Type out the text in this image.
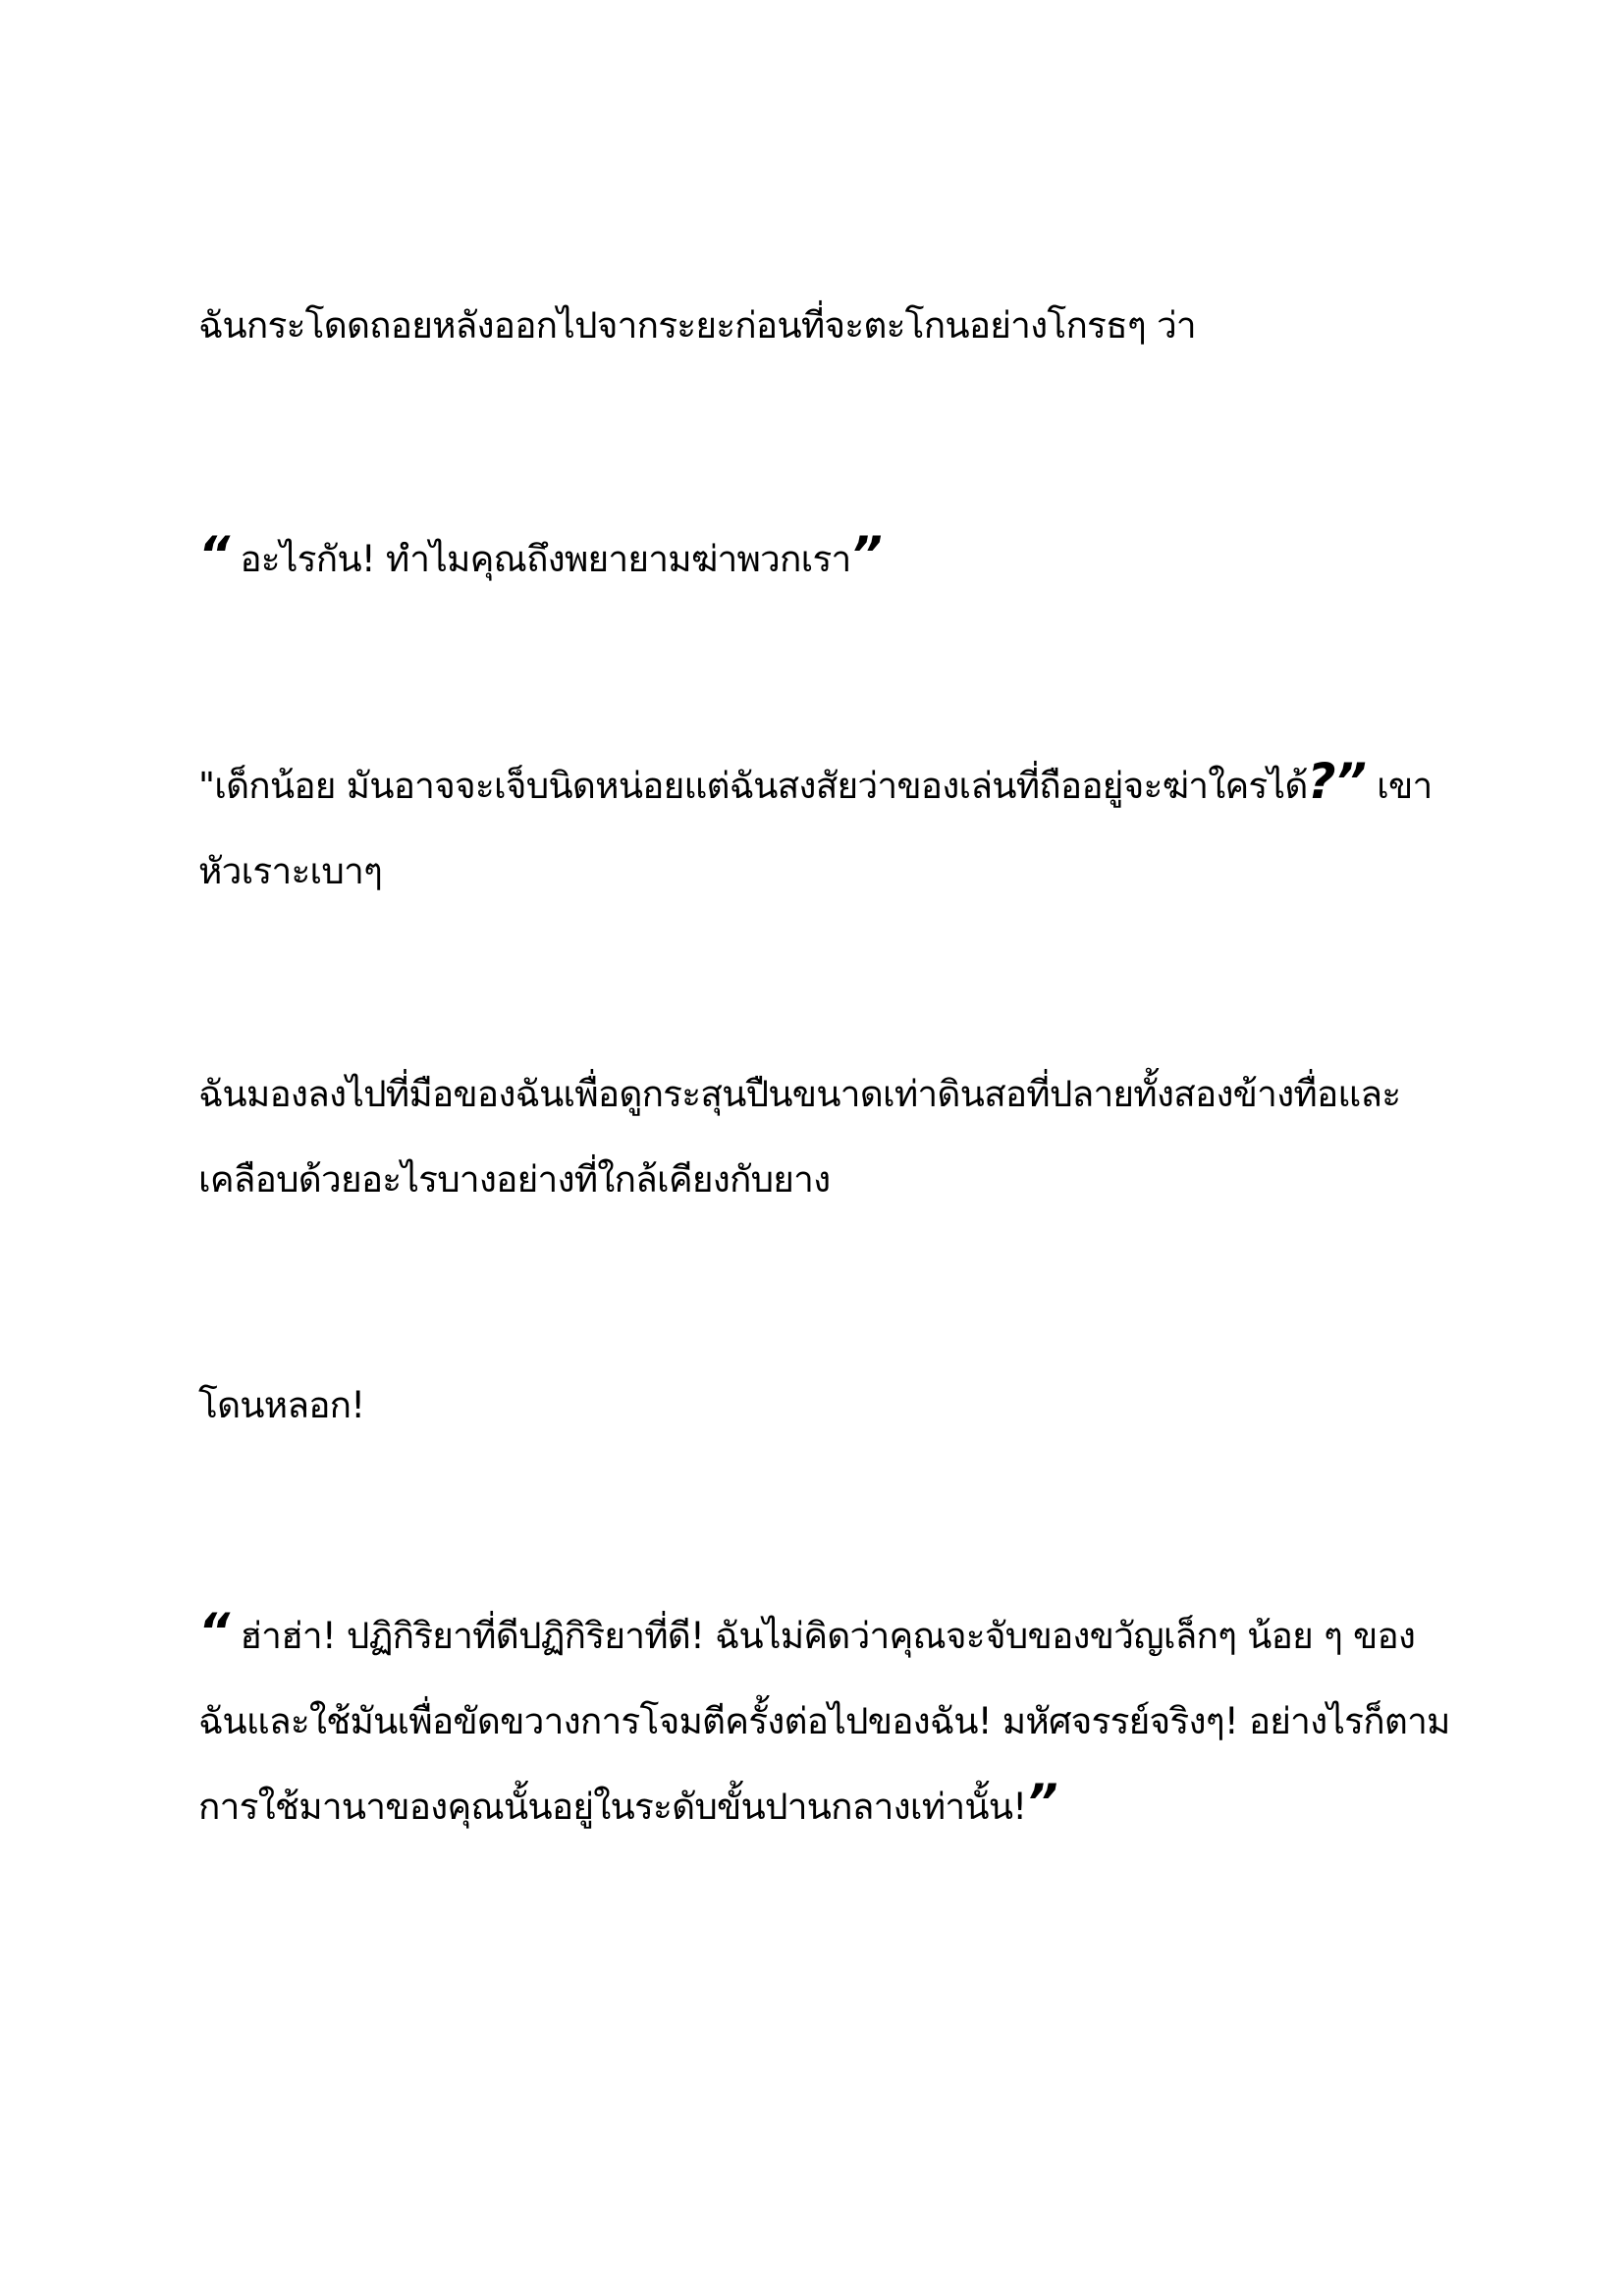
ฉันกระโดดถอยหลังออกไปจากระยะก่อนที่จะตะโกนอย่างโกรธๆ ว่า

“ อะไรกัน! ทำไมคุณถึงพยายามฆ่าพวกเรา”

"เด็กน้อย มันอาจจะเจ็บนิดหน่อยแต่ฉันสงสัยว่าของเล่นที่ถืออยู่จะฆ่าใครได้?” เขา
หัวเราะเบาๆ

ฉันมองลงไปที่มือของฉันเพื่อดูกระสุนปืนขนาดเท่าดินสอที่ปลายทั้งสองข้างทื่อและ
เคลือบด้วยอะไรบางอย่างที่ใกล้เคียงกับยาง

โดนหลอก!

“ ฮ่าฮ่า! ปฏิกิริยาที่ดีปฏิกิริยาที่ดี! ฉันไม่คิดว่าคุณจะจับของขวัญเล็กๆ น้อย ๆ ของ
ฉันและใช้มันเพื่อขัดขวางการโจมตีครั้งต่อไปของฉัน! มหัศจรรย์จริงๆ! อย่างไรก็ตาม
การใช้มานาของคุณนั้นอยู่ในระดับขั้นปานกลางเท่านั้น!”
